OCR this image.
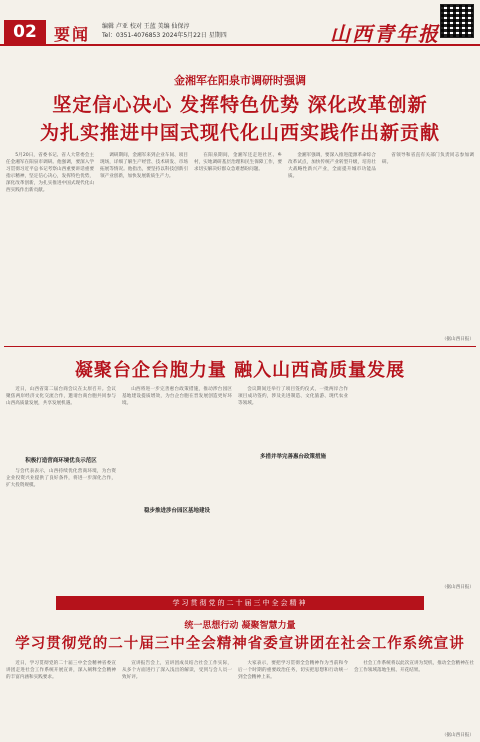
02	要闻 编辑 卢亚 校对 王蓝 美编 仙保淳
Tel：0351-4076853 2024年5月22日 星期四	山西青年报
金湘军在阳泉市调研时强调
坚定信心决心 发挥特色优势 深化改革创新
为扎实推进中国式现代化山西实践作出新贡献

5月20日，省委书记、省人大常委会主任金湘军在阳泉市调研。他强调，要深入学习贯彻习近平总书记考察山西重要讲话重要指示精神，坚定信心决心，发挥特色优势，深化改革创新，为扎实推进中国式现代化山西实践作出新贡献。

调研期间，金湘军来到企业车间、项目现场，详细了解生产经营、技术研发、市场拓展等情况。他指出，要坚持以科技创新引领产业创新，加快发展新质生产力。

在阳泉期间，金湘军还走进社区、乡村，实地调研基层治理和民生保障工作，要求切实解决好群众急难愁盼问题。

金湘军强调，要深入推进能源革命综合改革试点，加快传统产业转型升级，培育壮大战略性新兴产业，全面提升城市功能品质。

省领导和省直有关部门负责同志参加调研。

（据山西日报）
凝聚台企台胞力量 融入山西高质量发展

近日，山西省第二届台商会议在太原召开。会议聚焦两岸经济文化交流合作，邀请台商台胞共同参与山西高质量发展，共享发展机遇。

积极打造营商环境优良示范区

与会代表表示，山西持续优化营商环境，为台资企业投资兴业提供了良好条件，将进一步深化合作，扩大投资规模。

稳步推进涉台园区基地建设

山西将进一步完善惠台政策措施，推动涉台园区基地建设提质增效，为台企台胞在晋发展创造更好环境。

多措并举完善惠台政策措施

会议期间还举行了项目签约仪式，一批两岸合作项目成功签约，涉及先进制造、文化旅游、现代农业等领域。

（据山西日报）
学习贯彻党的二十届三中全会精神
统一思想行动 凝聚智慧力量
学习贯彻党的二十届三中全会精神省委宣讲团在社会工作系统宣讲

近日，学习贯彻党的二十届三中全会精神省委宣讲团走进社会工作系统开展宣讲，深入阐释全会精神的丰富内涵和实践要求。

宣讲报告会上，宣讲团成员结合社会工作实际，从多个方面进行了深入浅出的解读，受到与会人员一致好评。

大家表示，要把学习贯彻全会精神作为当前和今后一个时期的重要政治任务，切实把思想和行动统一到全会精神上来。

社会工作系统将以此次宣讲为契机，推动全会精神在社会工作领域落地生根、开花结果。

（据山西日报）
